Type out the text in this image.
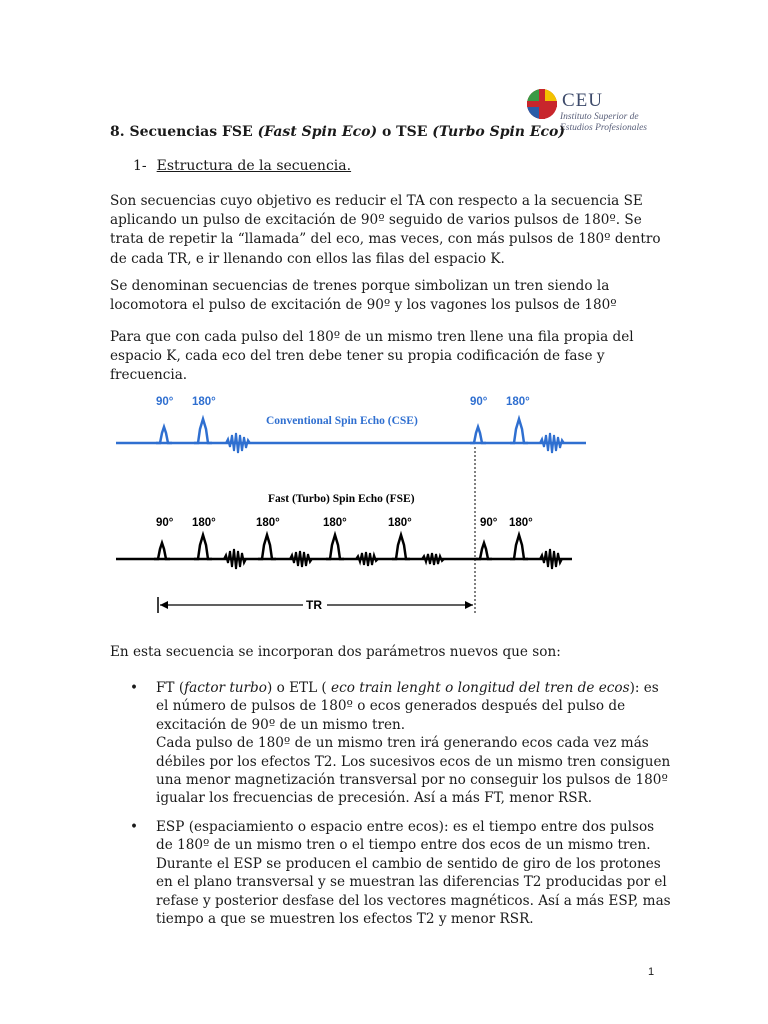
CEU
Instituto Superior de Estudios Profesionales
8. Secuencias FSE (Fast Spin Eco) o TSE (Turbo Spin Eco)
1- Estructura de la secuencia.
Son secuencias cuyo objetivo es reducir el TA con respecto a la secuencia SE aplicando un pulso de excitación de 90º seguido de varios pulsos de 180º. Se trata de repetir la “llamada” del eco, mas veces, con más pulsos de 180º dentro de cada TR, e ir llenando con ellos las filas del espacio K.
Se denominan secuencias de trenes porque simbolizan un tren siendo la locomotora el pulso de excitación de 90º y los vagones los pulsos de 180º
Para que con cada pulso del 180º de un mismo tren llene una fila propia del espacio K, cada eco del tren debe tener su propia codificación de fase y frecuencia.
Conventional Spin Echo (CSE)
90° 180°	90° 180°
Fast (Turbo) Spin Echo (FSE)
90° 180°	180°	180°	180°	90° 180°
TR
En esta secuencia se incorporan dos parámetros nuevos que son:
• FT (factor turbo) o ETL ( eco train lenght o longitud del tren de ecos): es el número de pulsos de 180º o ecos generados después del pulso de excitación de 90º de un mismo tren.
Cada pulso de 180º de un mismo tren irá generando ecos cada vez más débiles por los efectos T2. Los sucesivos ecos de un mismo tren consiguen una menor magnetización transversal por no conseguir los pulsos de 180º igualar los frecuencias de precesión. Así a más FT, menor RSR.
• ESP (espaciamiento o espacio entre ecos): es el tiempo entre dos pulsos de 180º de un mismo tren o el tiempo entre dos ecos de un mismo tren.
Durante el ESP se producen el cambio de sentido de giro de los protones en el plano transversal y se muestran las diferencias T2 producidas por el refase y posterior desfase del los vectores magnéticos. Así a más ESP, mas tiempo a que se muestren los efectos T2 y menor RSR.
1
